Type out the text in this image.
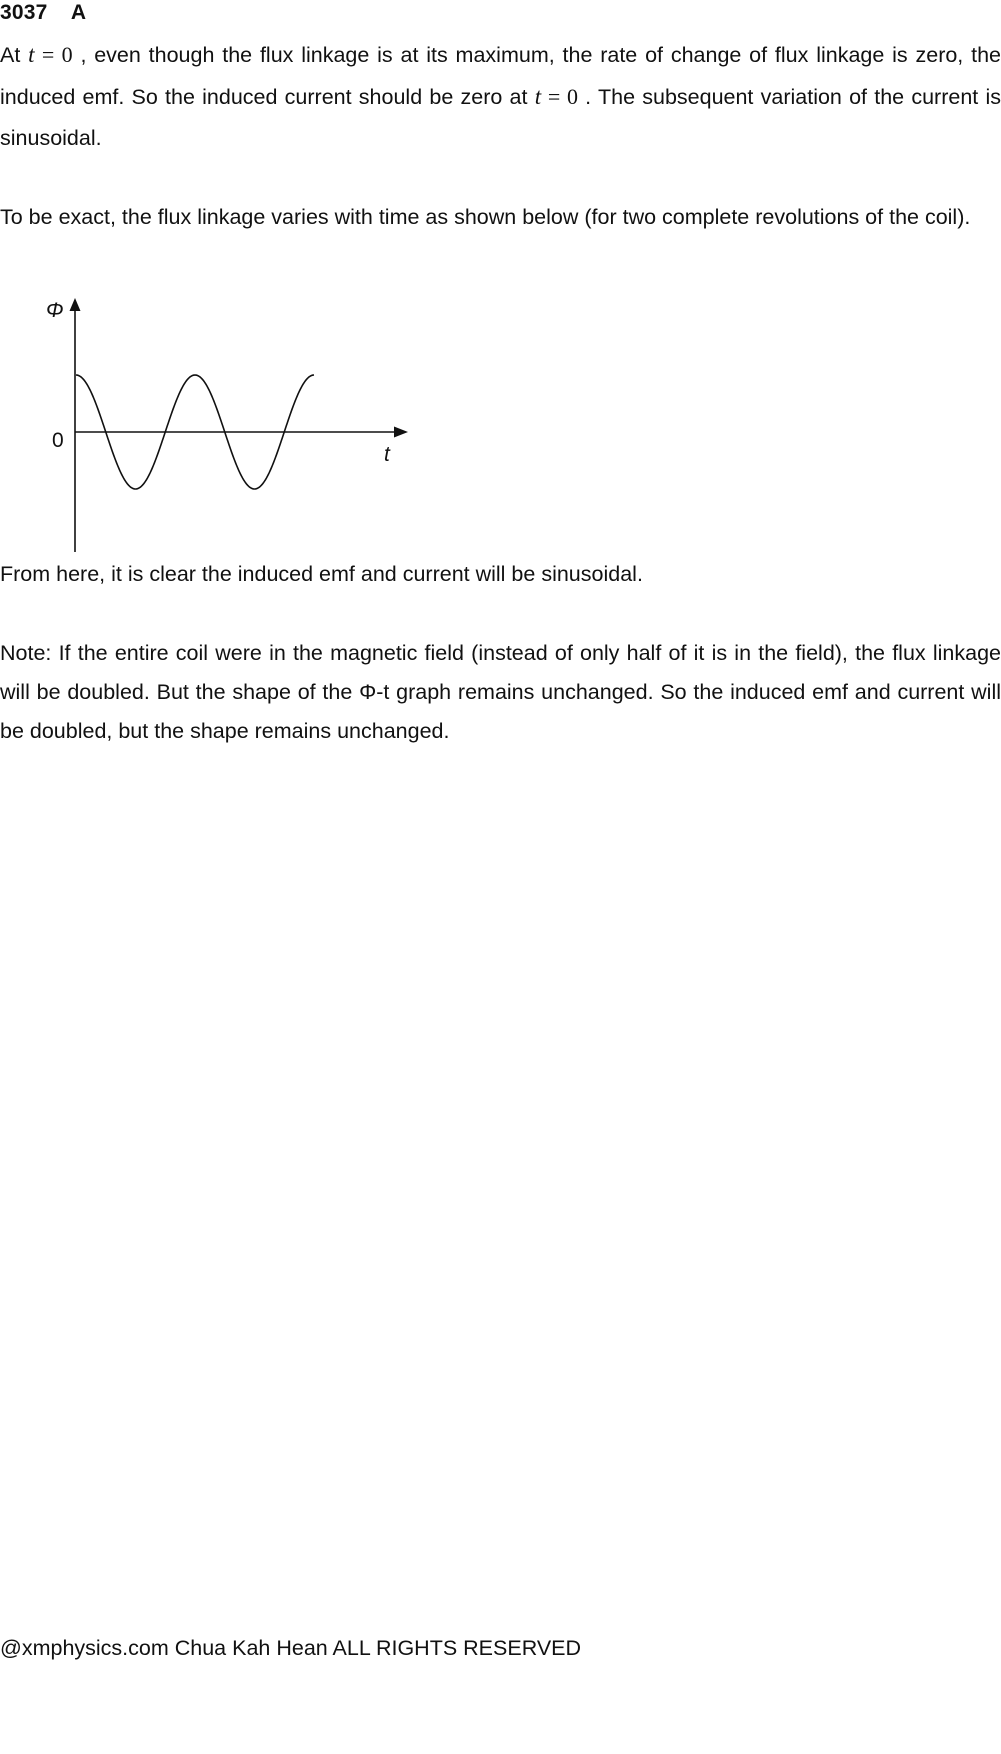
3037 A

At t = 0 , even though the flux linkage is at its maximum, the rate of change of flux linkage is zero, the induced emf. So the induced current should be zero at t = 0 . The subsequent variation of the current is sinusoidal.

To be exact, the flux linkage varies with time as shown below (for two complete revolutions of the coil).

Φ
t
0

From here, it is clear the induced emf and current will be sinusoidal.

Note: If the entire coil were in the magnetic field (instead of only half of it is in the field), the flux linkage will be doubled. But the shape of the Φ-t graph remains unchanged. So the induced emf and current will be doubled, but the shape remains unchanged.

@xmphysics.com Chua Kah Hean ALL RIGHTS RESERVED
